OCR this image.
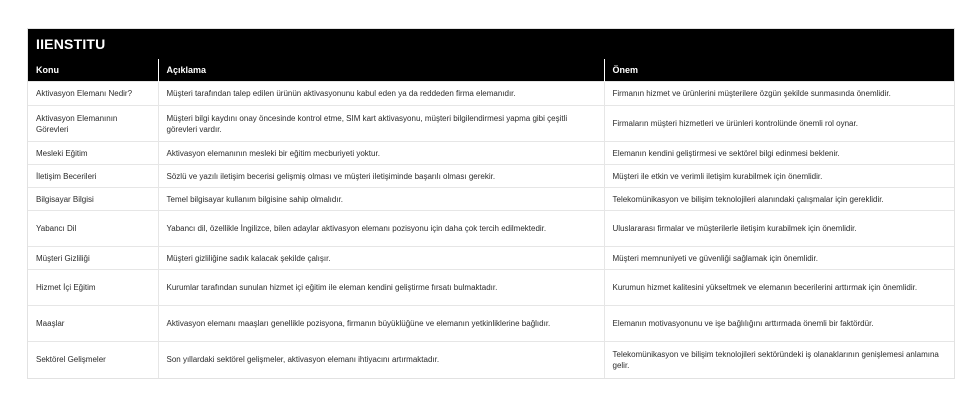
IIENSTITU
Konu	Açıklama	Önem
Aktivasyon Elemanı Nedir?	Müşteri tarafından talep edilen ürünün aktivasyonunu kabul eden ya da reddeden firma elemanıdır.	Firmanın hizmet ve ürünlerini müşterilere özgün şekilde sunmasında önemlidir.
Aktivasyon Elemanının Görevleri	Müşteri bilgi kaydını onay öncesinde kontrol etme, SIM kart aktivasyonu, müşteri bilgilendirmesi yapma gibi çeşitli görevleri vardır.	Firmaların müşteri hizmetleri ve ürünleri kontrolünde önemli rol oynar.
Mesleki Eğitim	Aktivasyon elemanının mesleki bir eğitim mecburiyeti yoktur.	Elemanın kendini geliştirmesi ve sektörel bilgi edinmesi beklenir.
İletişim Becerileri	Sözlü ve yazılı iletişim becerisi gelişmiş olması ve müşteri iletişiminde başarılı olması gerekir.	Müşteri ile etkin ve verimli iletişim kurabilmek için önemlidir.
Bilgisayar Bilgisi	Temel bilgisayar kullanım bilgisine sahip olmalıdır.	Telekomünikasyon ve bilişim teknolojileri alanındaki çalışmalar için gereklidir.
Yabancı Dil	Yabancı dil, özellikle İngilizce, bilen adaylar aktivasyon elemanı pozisyonu için daha çok tercih edilmektedir.	Uluslararası firmalar ve müşterilerle iletişim kurabilmek için önemlidir.
Müşteri Gizliliği	Müşteri gizliliğine sadık kalacak şekilde çalışır.	Müşteri memnuniyeti ve güvenliği sağlamak için önemlidir.
Hizmet İçi Eğitim	Kurumlar tarafından sunulan hizmet içi eğitim ile eleman kendini geliştirme fırsatı bulmaktadır.	Kurumun hizmet kalitesini yükseltmek ve elemanın becerilerini arttırmak için önemlidir.
Maaşlar	Aktivasyon elemanı maaşları genellikle pozisyona, firmanın büyüklüğüne ve elemanın yetkinliklerine bağlıdır.	Elemanın motivasyonunu ve işe bağlılığını arttırmada önemli bir faktördür.
Sektörel Gelişmeler	Son yıllardaki sektörel gelişmeler, aktivasyon elemanı ihtiyacını artırmaktadır.	Telekomünikasyon ve bilişim teknolojileri sektöründeki iş olanaklarının genişlemesi anlamına gelir.
